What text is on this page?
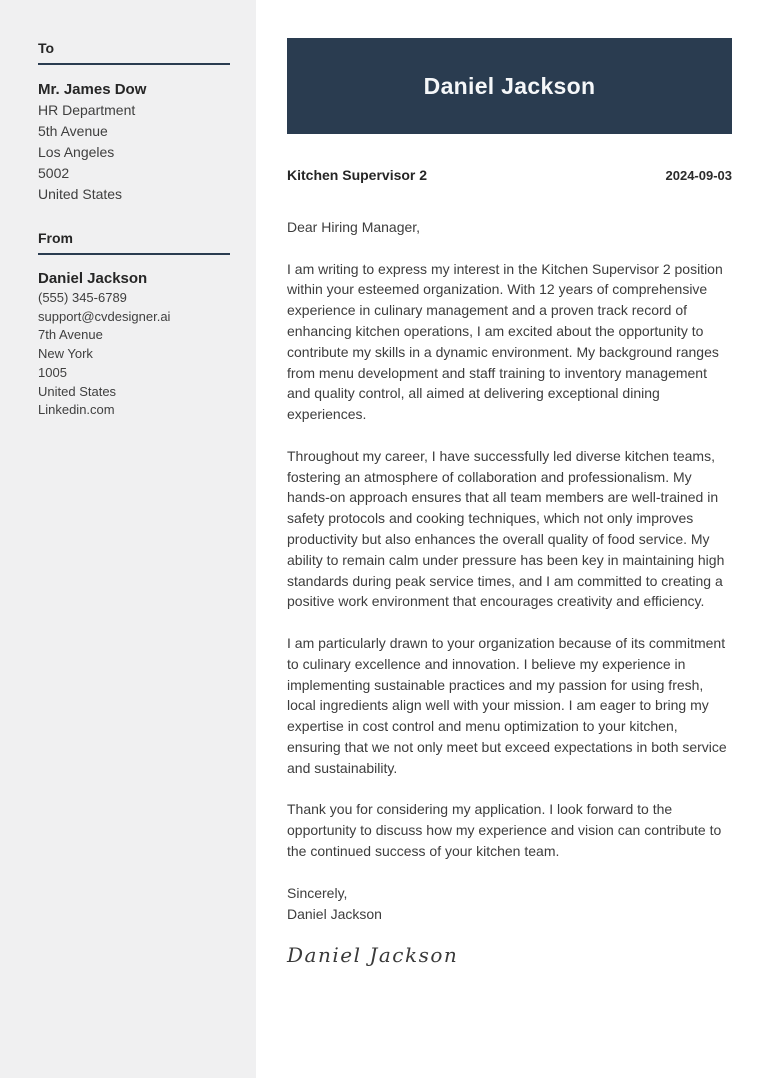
To
Mr. James Dow
HR Department
5th Avenue
Los Angeles
5002
United States
From
Daniel Jackson
(555) 345-6789
support@cvdesigner.ai
7th Avenue
New York
1005
United States
Linkedin.com
Daniel Jackson
Kitchen Supervisor 2	2024-09-03

Dear Hiring Manager,

I am writing to express my interest in the Kitchen Supervisor 2 position within your esteemed organization. With 12 years of comprehensive experience in culinary management and a proven track record of enhancing kitchen operations, I am excited about the opportunity to contribute my skills in a dynamic environment. My background ranges from menu development and staff training to inventory management and quality control, all aimed at delivering exceptional dining experiences.

Throughout my career, I have successfully led diverse kitchen teams, fostering an atmosphere of collaboration and professionalism. My hands-on approach ensures that all team members are well-trained in safety protocols and cooking techniques, which not only improves productivity but also enhances the overall quality of food service. My ability to remain calm under pressure has been key in maintaining high standards during peak service times, and I am committed to creating a positive work environment that encourages creativity and efficiency.

I am particularly drawn to your organization because of its commitment to culinary excellence and innovation. I believe my experience in implementing sustainable practices and my passion for using fresh, local ingredients align well with your mission. I am eager to bring my expertise in cost control and menu optimization to your kitchen, ensuring that we not only meet but exceed expectations in both service and sustainability.

Thank you for considering my application. I look forward to the opportunity to discuss how my experience and vision can contribute to the continued success of your kitchen team.

Sincerely,

Daniel Jackson

Daniel Jackson
